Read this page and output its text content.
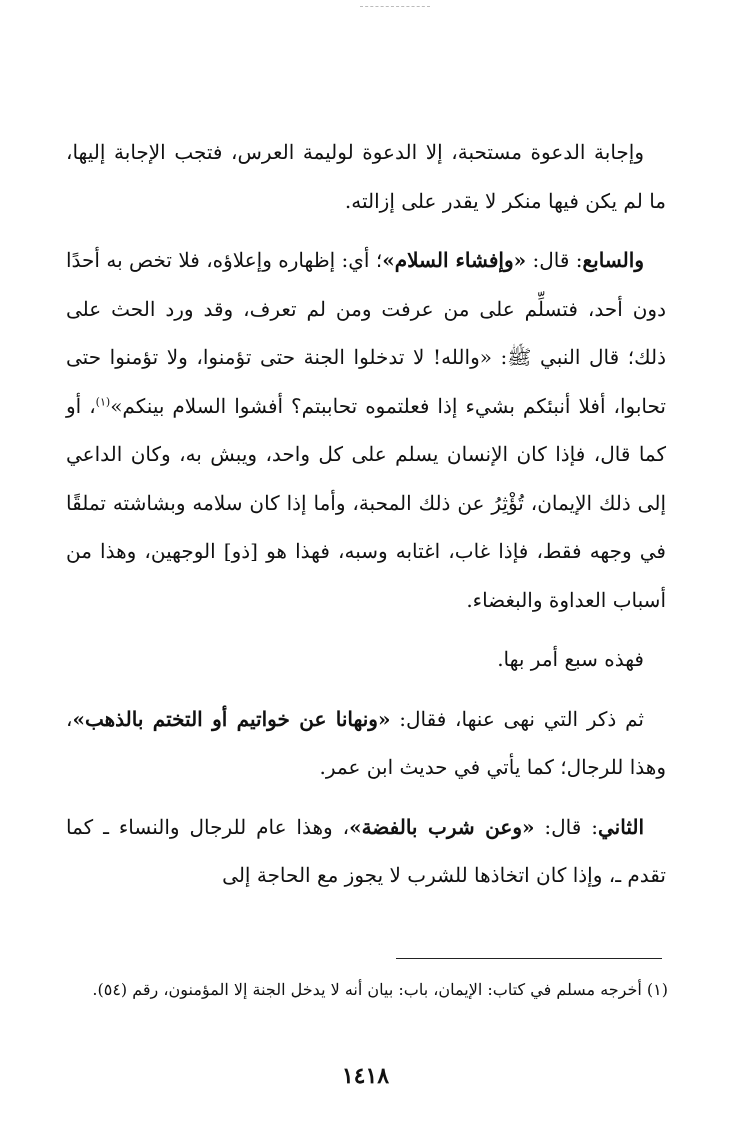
وإجابة الدعوة مستحبة، إلا الدعوة لوليمة العرس، فتجب الإجابة إليها، ما لم يكن فيها منكر لا يقدر على إزالته.

والسابع: قال: «وإفشاء السلام»؛ أي: إظهاره وإعلاؤه، فلا تخص به أحدًا دون أحد، فتسلِّم على من عرفت ومن لم تعرف، وقد ورد الحث على ذلك؛ قال النبي ﷺ: «والله! لا تدخلوا الجنة حتى تؤمنوا، ولا تؤمنوا حتى تحابوا، أفلا أنبئكم بشيء إذا فعلتموه تحاببتم؟ أفشوا السلام بينكم»$^{(١)}$، أو كما قال، فإذا كان الإنسان يسلم على كل واحد، ويبش به، وكان الداعي إلى ذلك الإيمان، تُؤْثِرُ عن ذلك المحبة، وأما إذا كان سلامه وبشاشته تملقًا في وجهه فقط، فإذا غاب، اغتابه وسبه، فهذا هو [ذو] الوجهين، وهذا من أسباب العداوة والبغضاء.

فهذه سبع أمر بها.

ثم ذكر التي نهى عنها، فقال: «ونهانا عن خواتيم أو التختم بالذهب»، وهذا للرجال؛ كما يأتي في حديث ابن عمر.

الثاني: قال: «وعن شرب بالفضة»، وهذا عام للرجال والنساء ـ كما تقدم ـ، وإذا كان اتخاذها للشرب لا يجوز مع الحاجة إلى

(١) أخرجه مسلم في كتاب: الإيمان، باب: بيان أنه لا يدخل الجنة إلا المؤمنون، رقم (٥٤).

١٤١٨
